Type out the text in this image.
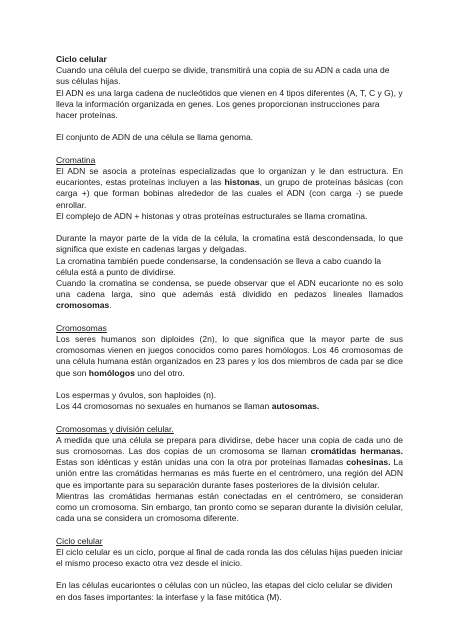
Ciclo celular

Cuando una célula del cuerpo se divide, transmitirá una copia de su ADN a cada una de sus células hijas.

El ADN es una larga cadena de nucleótidos que vienen en 4 tipos diferentes (A, T, C y G), y lleva la información organizada en genes. Los genes proporcionan instrucciones para hacer proteínas.

El conjunto de ADN de una célula se llama genoma.

Cromatina

El ADN se asocia a proteínas especializadas que lo organizan y le dan estructura. En eucariontes, estas proteínas incluyen a las histonas, un grupo de proteínas básicas (con carga +) que forman bobinas alrededor de las cuales el ADN (con carga -) se puede enrollar.

El complejo de ADN + histonas y otras proteínas estructurales se llama cromatina.

Durante la mayor parte de la vida de la célula, la cromatina está descondensada, lo que significa que existe en cadenas largas y delgadas.

La cromatina también puede condensarse, la condensación se lleva a cabo cuando la célula está a punto de dividirse.

Cuando la cromatina se condensa, se puede observar que el ADN eucarionte no es solo una cadena larga, sino que además está dividido en pedazos lineales llamados cromosomas.

Cromosomas

Los seres humanos son diploides (2n), lo que significa que la mayor parte de sus cromosomas vienen en juegos conocidos como pares homólogos. Los 46 cromosomas de una célula humana están organizados en 23 pares y los dos miembros de cada par se dice que son homólogos uno del otro.

Los espermas y óvulos, son haploides (n).

Los 44 cromosomas no sexuales en humanos se llaman autosomas.

Cromosomas y división celular.

A medida que una célula se prepara para dividirse, debe hacer una copia de cada uno de sus cromosomas. Las dos copias de un cromosoma se llaman cromátidas hermanas. Estas son idénticas y están unidas una con la otra por proteínas llamadas cohesinas. La unión entre las cromátidas hermanas es más fuerte en el centrómero, una región del ADN que es importante para su separación durante fases posteriores de la división celular.

Mientras las cromátidas hermanas están conectadas en el centrómero, se consideran como un cromosoma. Sin embargo, tan pronto como se separan durante la división celular, cada una se considera un cromosoma diferente.

Ciclo celular

El ciclo celular es un ciclo, porque al final de cada ronda las dos células hijas pueden iniciar el mismo proceso exacto otra vez desde el inicio.

En las células eucariontes o células con un núcleo, las etapas del ciclo celular se dividen en dos fases importantes: la interfase y la fase mitótica (M).
